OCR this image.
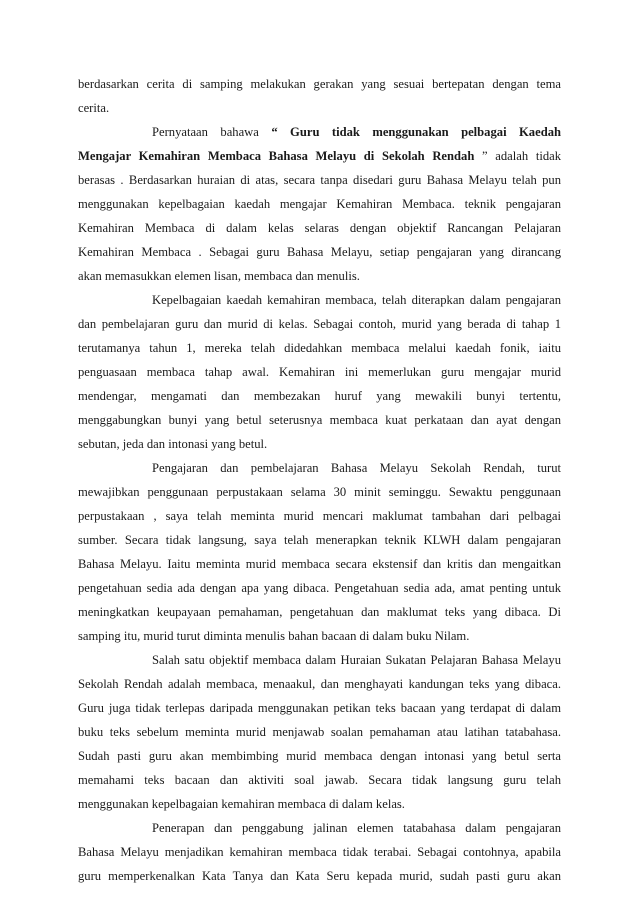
berdasarkan cerita di samping melakukan gerakan yang sesuai bertepatan dengan tema
cerita.
Pernyataan bahawa “ Guru tidak menggunakan pelbagai Kaedah
Mengajar Kemahiran Membaca Bahasa Melayu di Sekolah Rendah ” adalah tidak
berasas . Berdasarkan huraian di atas, secara tanpa disedari guru Bahasa Melayu telah pun
menggunakan kepelbagaian kaedah mengajar Kemahiran Membaca. teknik pengajaran
Kemahiran Membaca di dalam kelas selaras dengan objektif Rancangan Pelajaran
Kemahiran Membaca . Sebagai guru Bahasa Melayu, setiap pengajaran yang dirancang
akan memasukkan elemen lisan, membaca dan menulis.
Kepelbagaian kaedah kemahiran membaca, telah diterapkan dalam pengajaran
dan pembelajaran guru dan murid di kelas. Sebagai contoh, murid yang berada di tahap 1
terutamanya tahun 1, mereka telah didedahkan membaca melalui kaedah fonik, iaitu
penguasaan membaca tahap awal. Kemahiran ini memerlukan guru mengajar murid
mendengar, mengamati dan membezakan huruf yang mewakili bunyi tertentu,
menggabungkan bunyi yang betul seterusnya membaca kuat perkataan dan ayat dengan
sebutan, jeda dan intonasi yang betul.
Pengajaran dan pembelajaran Bahasa Melayu Sekolah Rendah, turut
mewajibkan penggunaan perpustakaan selama 30 minit seminggu. Sewaktu penggunaan
perpustakaan , saya telah meminta murid mencari maklumat tambahan dari pelbagai
sumber. Secara tidak langsung, saya telah menerapkan teknik KLWH dalam pengajaran
Bahasa Melayu. Iaitu meminta murid membaca secara ekstensif dan kritis dan mengaitkan
pengetahuan sedia ada dengan apa yang dibaca. Pengetahuan sedia ada, amat penting untuk
meningkatkan keupayaan pemahaman, pengetahuan dan maklumat teks yang dibaca. Di
samping itu, murid turut diminta menulis bahan bacaan di dalam buku Nilam.
Salah satu objektif membaca dalam Huraian Sukatan Pelajaran Bahasa Melayu
Sekolah Rendah adalah membaca, menaakul, dan menghayati kandungan teks yang dibaca.
Guru juga tidak terlepas daripada menggunakan petikan teks bacaan yang terdapat di dalam
buku teks sebelum meminta murid menjawab soalan pemahaman atau latihan tatabahasa.
Sudah pasti guru akan membimbing murid membaca dengan intonasi yang betul serta
memahami teks bacaan dan aktiviti soal jawab. Secara tidak langsung guru telah
menggunakan kepelbagaian kemahiran membaca di dalam kelas.
Penerapan dan penggabung jalinan elemen tatabahasa dalam pengajaran
Bahasa Melayu menjadikan kemahiran membaca tidak terabai. Sebagai contohnya, apabila
guru memperkenalkan Kata Tanya dan Kata Seru kepada murid, sudah pasti guru akan
